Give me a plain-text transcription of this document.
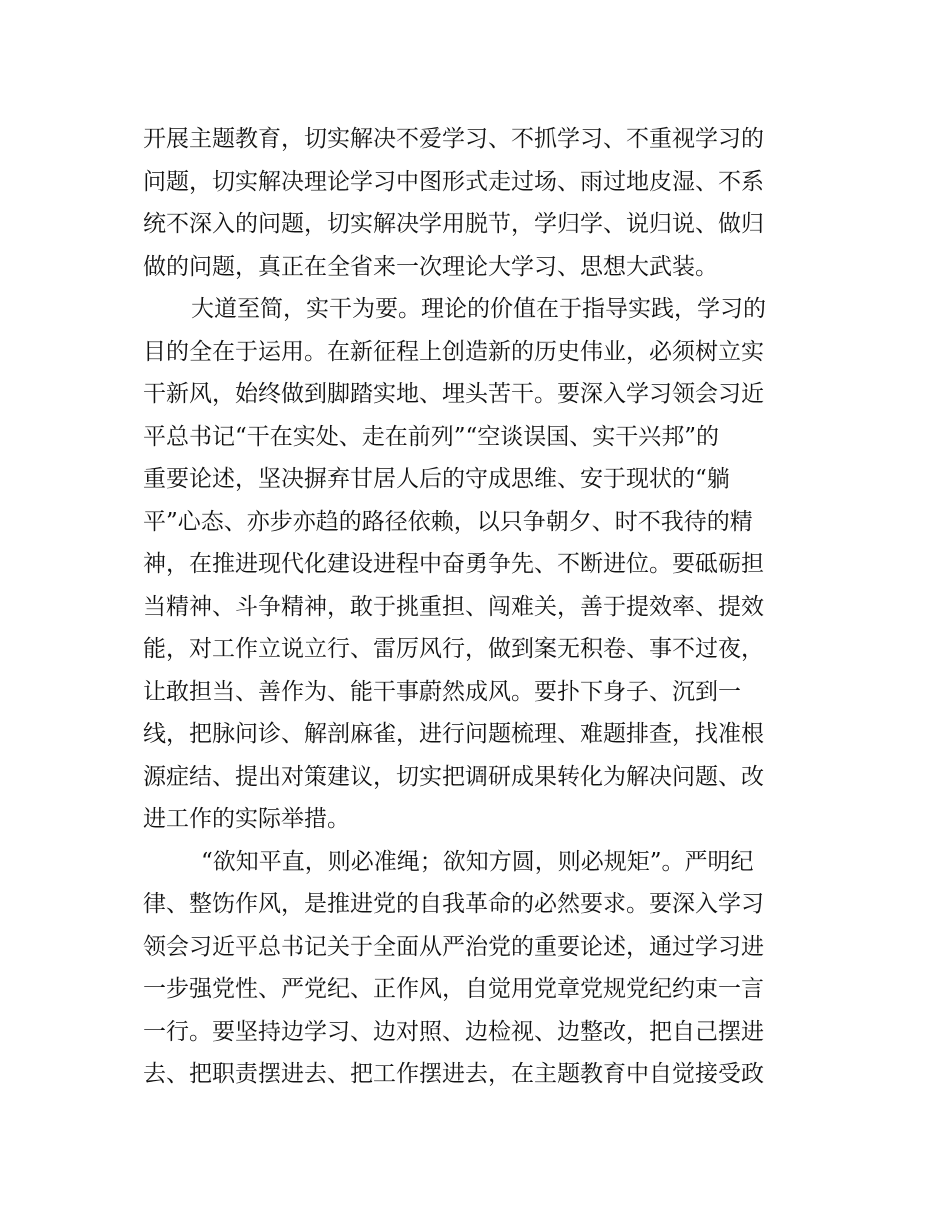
开展主题教育，切实解决不爱学习、不抓学习、不重视学习的
问题，切实解决理论学习中图形式走过场、雨过地皮湿、不系
统不深入的问题，切实解决学用脱节，学归学、说归说、做归
做的问题，真正在全省来一次理论大学习、思想大武装。
大道至简，实干为要。理论的价值在于指导实践，学习的
目的全在于运用。在新征程上创造新的历史伟业，必须树立实
干新风，始终做到脚踏实地、埋头苦干。要深入学习领会习近
平总书记“干在实处、走在前列”“空谈误国、实干兴邦”的
重要论述，坚决摒弃甘居人后的守成思维、安于现状的“躺
平”心态、亦步亦趋的路径依赖，以只争朝夕、时不我待的精
神，在推进现代化建设进程中奋勇争先、不断进位。要砥砺担
当精神、斗争精神，敢于挑重担、闯难关，善于提效率、提效
能，对工作立说立行、雷厉风行，做到案无积卷、事不过夜，
让敢担当、善作为、能干事蔚然成风。要扑下身子、沉到一
线，把脉问诊、解剖麻雀，进行问题梳理、难题排查，找准根
源症结、提出对策建议，切实把调研成果转化为解决问题、改
进工作的实际举措。
“欲知平直，则必准绳；欲知方圆，则必规矩”。严明纪
律、整饬作风，是推进党的自我革命的必然要求。要深入学习
领会习近平总书记关于全面从严治党的重要论述，通过学习进
一步强党性、严党纪、正作风，自觉用党章党规党纪约束一言
一行。要坚持边学习、边对照、边检视、边整改，把自己摆进
去、把职责摆进去、把工作摆进去，在主题教育中自觉接受政
